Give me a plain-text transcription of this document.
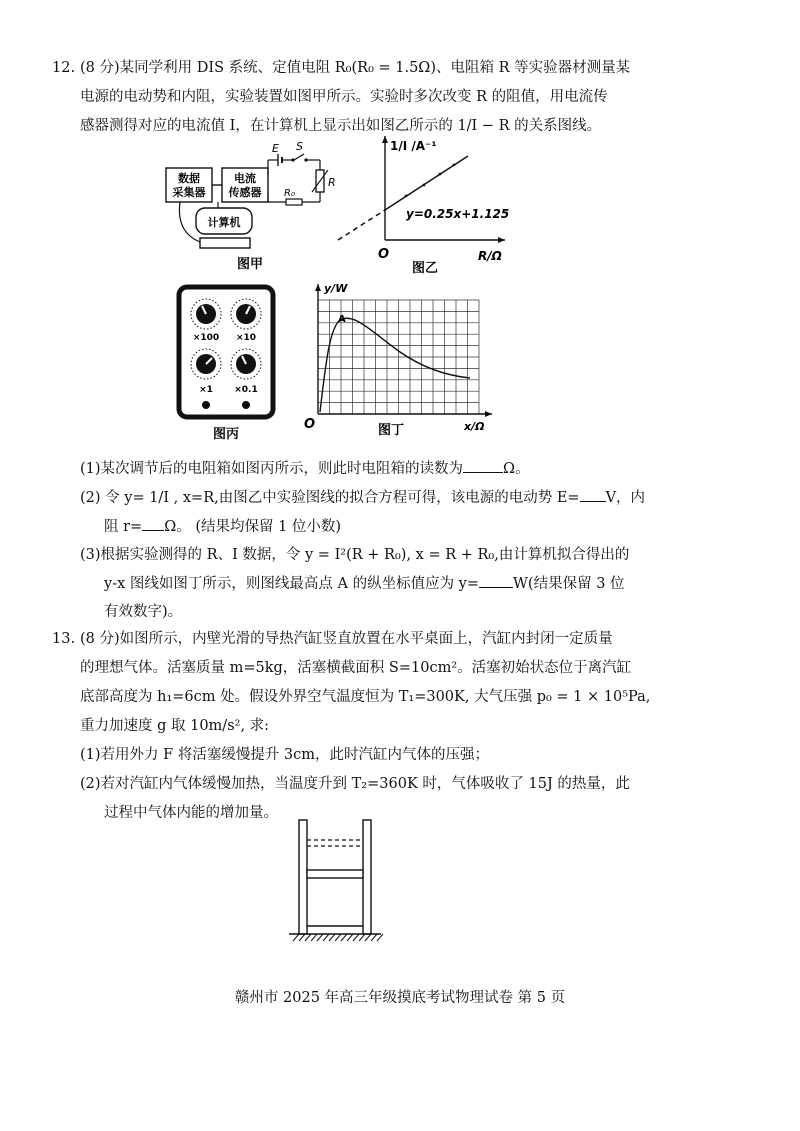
12. (8 分)某同学利用 DIS 系统、定值电阻 R₀(R₀ = 1.5Ω)、电阻箱 R 等实验器材测量某
电源的电动势和内阻，实验装置如图甲所示。实验时多次改变 R 的阻值，用电流传
感器测得对应的电流值 I，在计算机上显示出如图乙所示的 1/I − R 的关系图线。
数据
采集器
电流
传感器
计算机
E S
R
R₀
图甲
1/I /A⁻¹
y=0.25x+1.125
O	R/Ω
图乙
×100 ×10
×1 ×0.1
图丙
A
y/W
O	x/Ω
图丁
(1)某次调节后的电阻箱如图丙所示，则此时电阻箱的读数为	Ω。
(2) 令 y= 1/I , x=R,由图乙中实验图线的拟合方程可得，该电源的电动势 E= V，内
阻 r= Ω。 (结果均保留 1 位小数)
(3)根据实验测得的 R、I 数据，令 y = I²(R + R₀), x = R + R₀,由计算机拟合得出的
y-x 图线如图丁所示，则图线最高点 A 的纵坐标值应为 y= W(结果保留 3 位
有效数字)。
13. (8 分)如图所示，内壁光滑的导热汽缸竖直放置在水平桌面上，汽缸内封闭一定质量
的理想气体。活塞质量 m=5kg，活塞横截面积 S=10cm²。活塞初始状态位于离汽缸
底部高度为 h₁=6cm 处。假设外界空气温度恒为 T₁=300K, 大气压强 p₀ = 1 × 10⁵Pa,
重力加速度 g 取 10m/s², 求:
(1)若用外力 F 将活塞缓慢提升 3cm，此时汽缸内气体的压强；
(2)若对汽缸内气体缓慢加热，当温度升到 T₂=360K 时，气体吸收了 15J 的热量，此
过程中气体内能的增加量。
赣州市 2025 年高三年级摸底考试物理试卷 第 5 页
